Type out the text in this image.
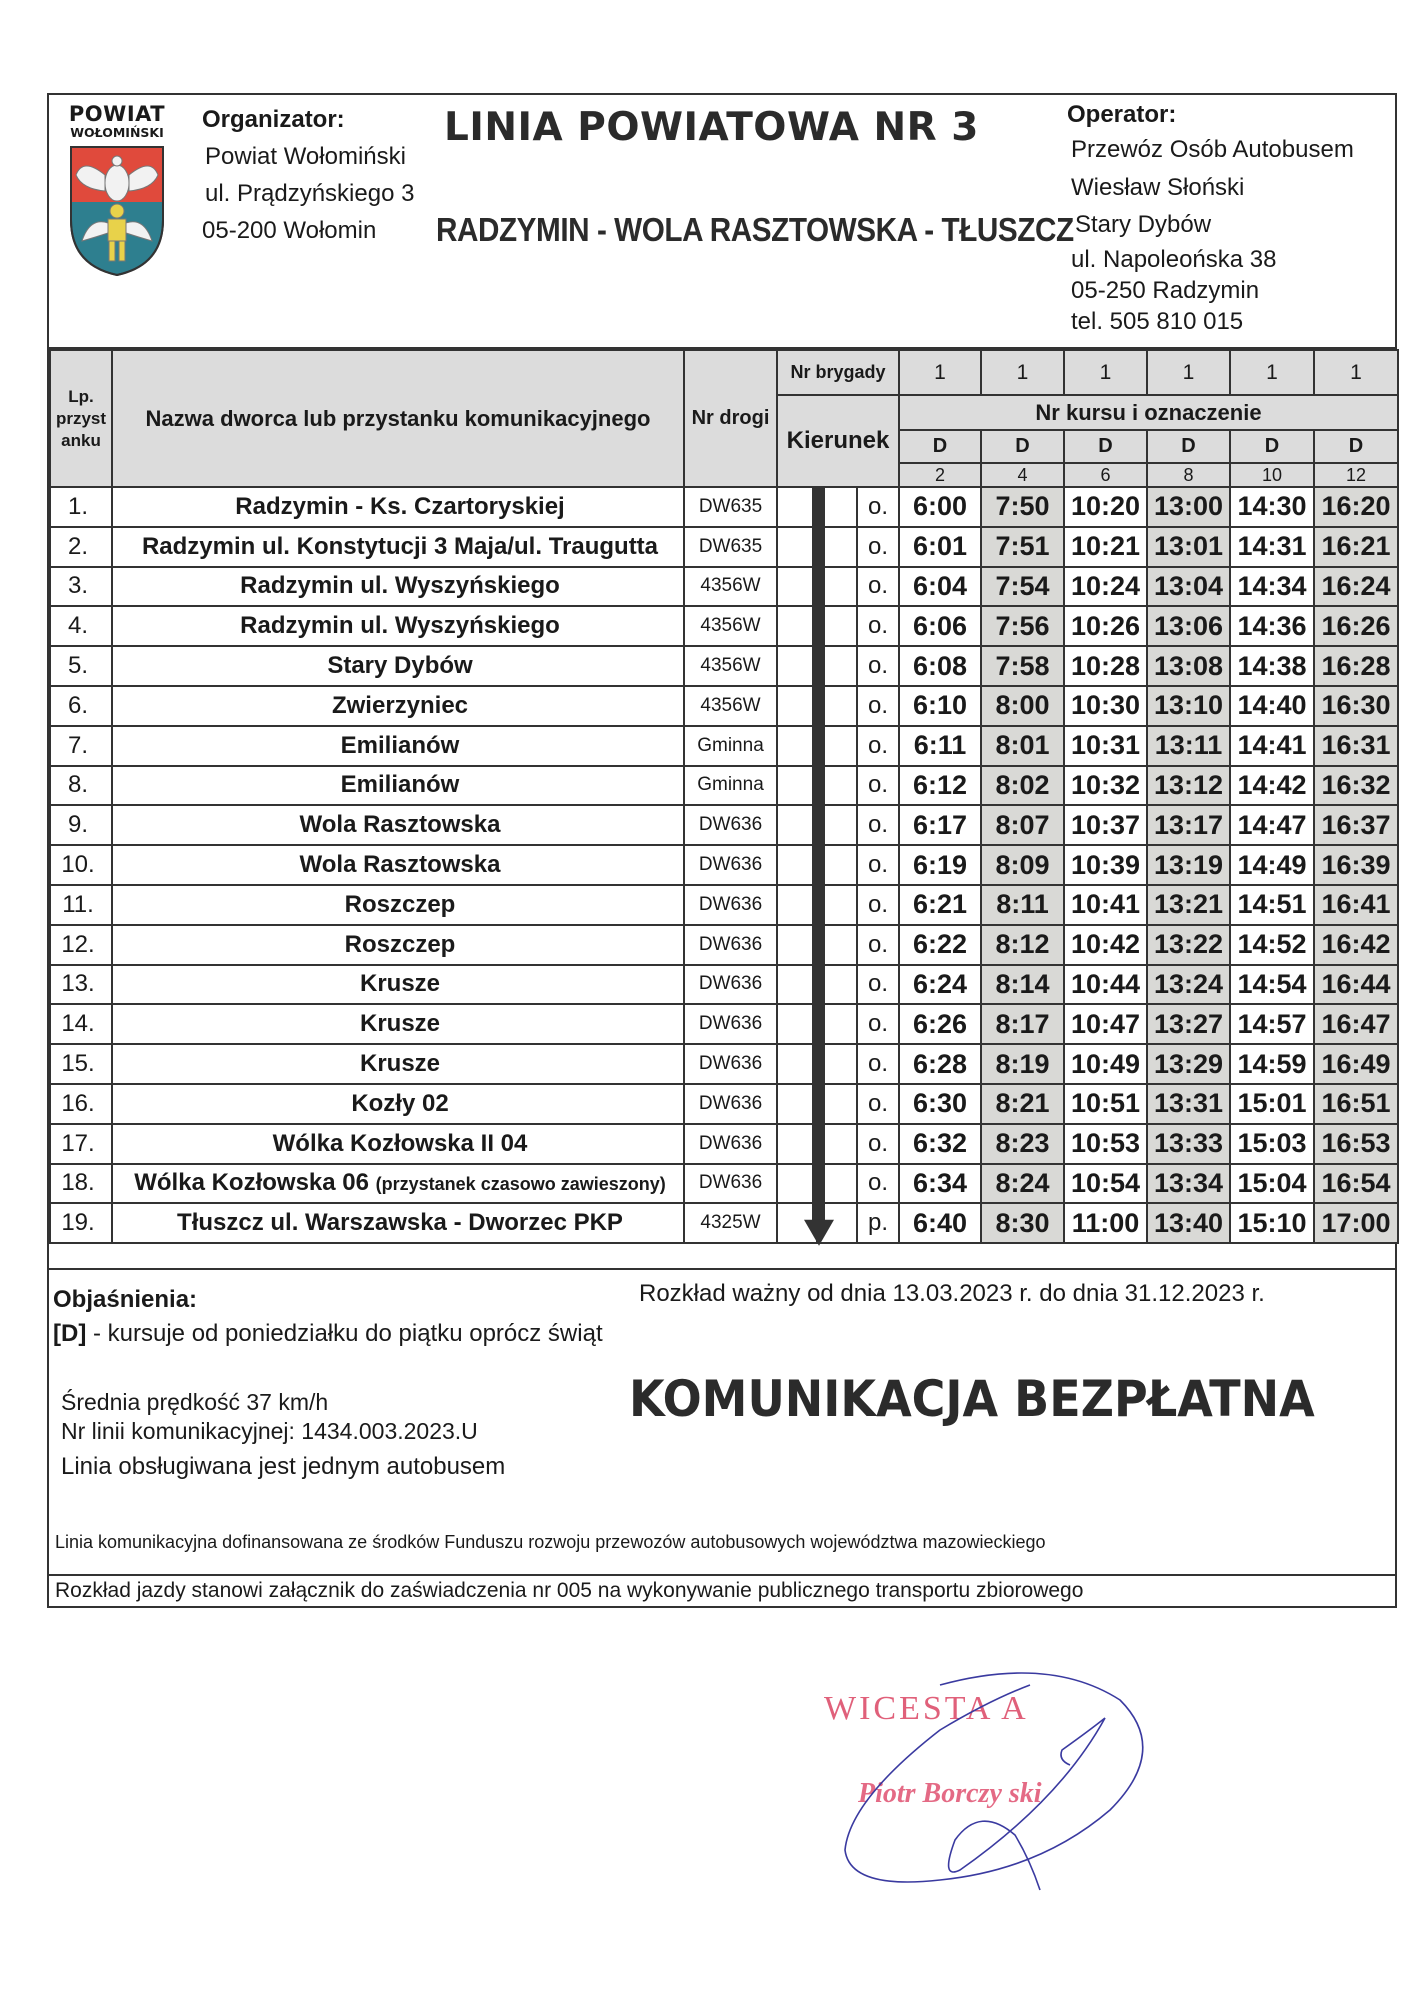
POWIAT
WOŁOMIŃSKI Organizator:
Powiat Wołomiński
ul. Prądzyńskiego 3
05-200 Wołomin
LINIA POWIATOWA NR 3
RADZYMIN - WOLA RASZTOWSKA - TŁUSZCZ
Operator:
Przewóz Osób Autobusem
Wiesław Słoński
Stary Dybów
ul. Napoleońska 38
05-250 Radzymin
tel. 505 810 015
Lp. przyst anku	Nazwa dworca lub przystanku komunikacyjnego	Nr drogi	Nr brygady			1	1	1	1	1	1
			Kierunek			Nr kursu i oznaczenie					
						D	D	D	D	D	D
						2	4	6	8	10	12
1.	Radzymin - Ks. Czartoryskiej	DW635			o.	6:00	7:50	10:20	13:00	14:30	16:20
2.	Radzymin ul. Konstytucji 3 Maja/ul. Traugutta	DW635			o.	6:01	7:51	10:21	13:01	14:31	16:21
3.	Radzymin ul. Wyszyńskiego	4356W			o.	6:04	7:54	10:24	13:04	14:34	16:24
4.	Radzymin ul. Wyszyńskiego	4356W			o.	6:06	7:56	10:26	13:06	14:36	16:26
5.	Stary Dybów	4356W			o.	6:08	7:58	10:28	13:08	14:38	16:28
6.	Zwierzyniec	4356W			o.	6:10	8:00	10:30	13:10	14:40	16:30
7.	Emilianów	Gminna			o.	6:11	8:01	10:31	13:11	14:41	16:31
8.	Emilianów	Gminna			o.	6:12	8:02	10:32	13:12	14:42	16:32
9.	Wola Rasztowska	DW636			o.	6:17	8:07	10:37	13:17	14:47	16:37
10.	Wola Rasztowska	DW636			o.	6:19	8:09	10:39	13:19	14:49	16:39
11.	Roszczep	DW636			o.	6:21	8:11	10:41	13:21	14:51	16:41
12.	Roszczep	DW636			o.	6:22	8:12	10:42	13:22	14:52	16:42
13.	Krusze	DW636			o.	6:24	8:14	10:44	13:24	14:54	16:44
14.	Krusze	DW636			o.	6:26	8:17	10:47	13:27	14:57	16:47
15.	Krusze	DW636			o.	6:28	8:19	10:49	13:29	14:59	16:49
16.	Kozły 02	DW636			o.	6:30	8:21	10:51	13:31	15:01	16:51
17.	Wólka Kozłowska II 04	DW636			o.	6:32	8:23	10:53	13:33	15:03	16:53
18.	Wólka Kozłowska 06 (przystanek czasowo zawieszony)	DW636			o.	6:34	8:24	10:54	13:34	15:04	16:54
19.	Tłuszcz ul. Warszawska - Dworzec PKP	4325W			p.	6:40	8:30	11:00	13:40	15:10	17:00
Objaśnienia:
[D] - kursuje od poniedziałku do piątku oprócz świąt
Rozkład ważny od dnia 13.03.2023 r. do dnia 31.12.2023 r.
Średnia prędkość 37 km/h
Nr linii komunikacyjnej: 1434.003.2023.U
Linia obsługiwana jest jednym autobusem
KOMUNIKACJA BEZPŁATNA
Linia komunikacyjna dofinansowana ze środków Funduszu rozwoju przewozów autobusowych województwa mazowieckiego
Rozkład jazdy stanowi załącznik do zaświadczenia nr 005 na wykonywanie publicznego transportu zbiorowego
WICESTA A
Piotr Borczy ski
